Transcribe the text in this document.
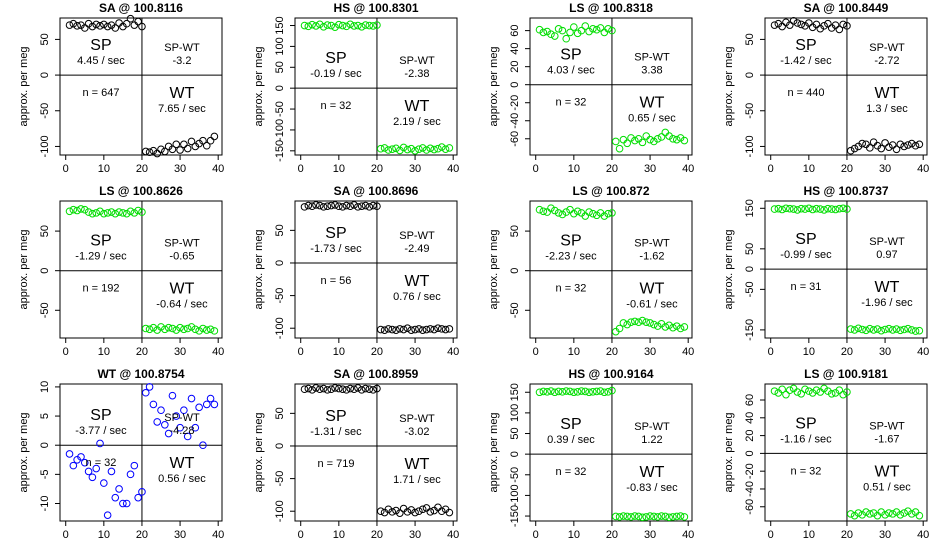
SA @ 100.8116
approx. per meg
50
0
-50
-100
0	10 20 30 40
SP
4.45 / sec
SP-WT
-3.2
n = 647	WT
7.65 / sec
HS @ 100.8301
approx. per meg
150
100
50
0
-50
-100
-150
0	10 20 30 40
SP
-0.19 / sec
SP-WT
-2.38
n = 32	WT
2.19 / sec
LS @ 100.8318
approx. per meg
60
40
20
0
-20
-40
-60
0	10 20 30 40
SP
4.03 / sec
SP-WT
3.38
n = 32	WT
0.65 / sec
SA @ 100.8449
approx. per meg
50
0
-50
-100
0	10 20 30 40
SP
-1.42 / sec
SP-WT
-2.72
n = 440	WT
1.3 / sec
LS @ 100.8626
approx. per meg 50
0
-50
0	10 20 30 40
SP
-1.29 / sec
SP-WT
-0.65
n = 192	WT
-0.64 / sec
SA @ 100.8696
approx. per meg 50
0
-50
-100
0	10 20 30 40
SP
-1.73 / sec
SP-WT
-2.49
n = 56	WT
0.76 / sec
LS @ 100.872
approx. per meg 50
0
-50
0	10 20 30 40
SP
-2.23 / sec
SP-WT
-1.62
n = 32	WT
-0.61 / sec
HS @ 100.8737
approx. per meg
150
50
0
-50
-150
0	10 20 30 40
SP
-0.99 / sec
SP-WT
0.97
n = 31	WT
-1.96 / sec
WT @ 100.8754
approx. per meg
10
5
0
-5
-10
0	10 20 30 40
SP
-3.77 / sec
SP-WT
-4.28
n = 32	WT
0.56 / sec
SA @ 100.8959
approx. per meg 50
0
-50
-100
0	10 20 30 40
SP
-1.31 / sec
SP-WT
-3.02
n = 719	WT
1.71 / sec
HS @ 100.9164
approx. per meg
150
100
50
0
-50
-100
-150
0	10 20 30 40
SP
0.39 / sec
SP-WT
1.22
n = 32	WT
-0.83 / sec
LS @ 100.9181
approx. per meg
60
40
20
0
-20
-40
-60
0	10 20 30 40
SP
-1.16 / sec
SP-WT
-1.67
n = 32	WT
0.51 / sec
